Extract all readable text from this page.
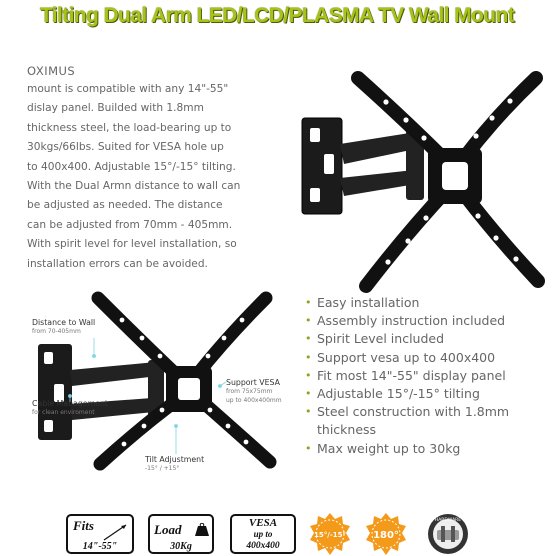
Tilting Dual Arm LED/LCD/PLASMA TV Wall Mount
OXIMUS
mount is compatible with any 14"-55"
dislay panel. Builded with 1.8mm
thickness steel, the load-bearing up to
30kgs/66lbs. Suited for VESA hole up
to 400x400. Adjustable 15°/-15° tilting.
With the Dual Armn distance to wall can
be adjusted as needed. The distance
can be adjusted from 70mm - 405mm.
With spirit level for level installation, so
installation errors can be avoided.
Distance to Wall
from 70-405mm
Support VESA
from 75x75mm
up to 400x400mm
Cable Management
for clean enviroment
Tilt Adjustment
-15° / +15°
• Easy installation
• Assembly instruction included
• Spirit Level included
• Support vesa up to 400x400
• Fit most 14"-55" display panel
• Adjustable 15°/-15° tilting
• Steel construction with 1.8mm thickness
• Max weight up to 30kg
Fits
14"-55"
Load
30Kg
VESA
up to
400x400
15°/-15°	180°
HARDWARE
